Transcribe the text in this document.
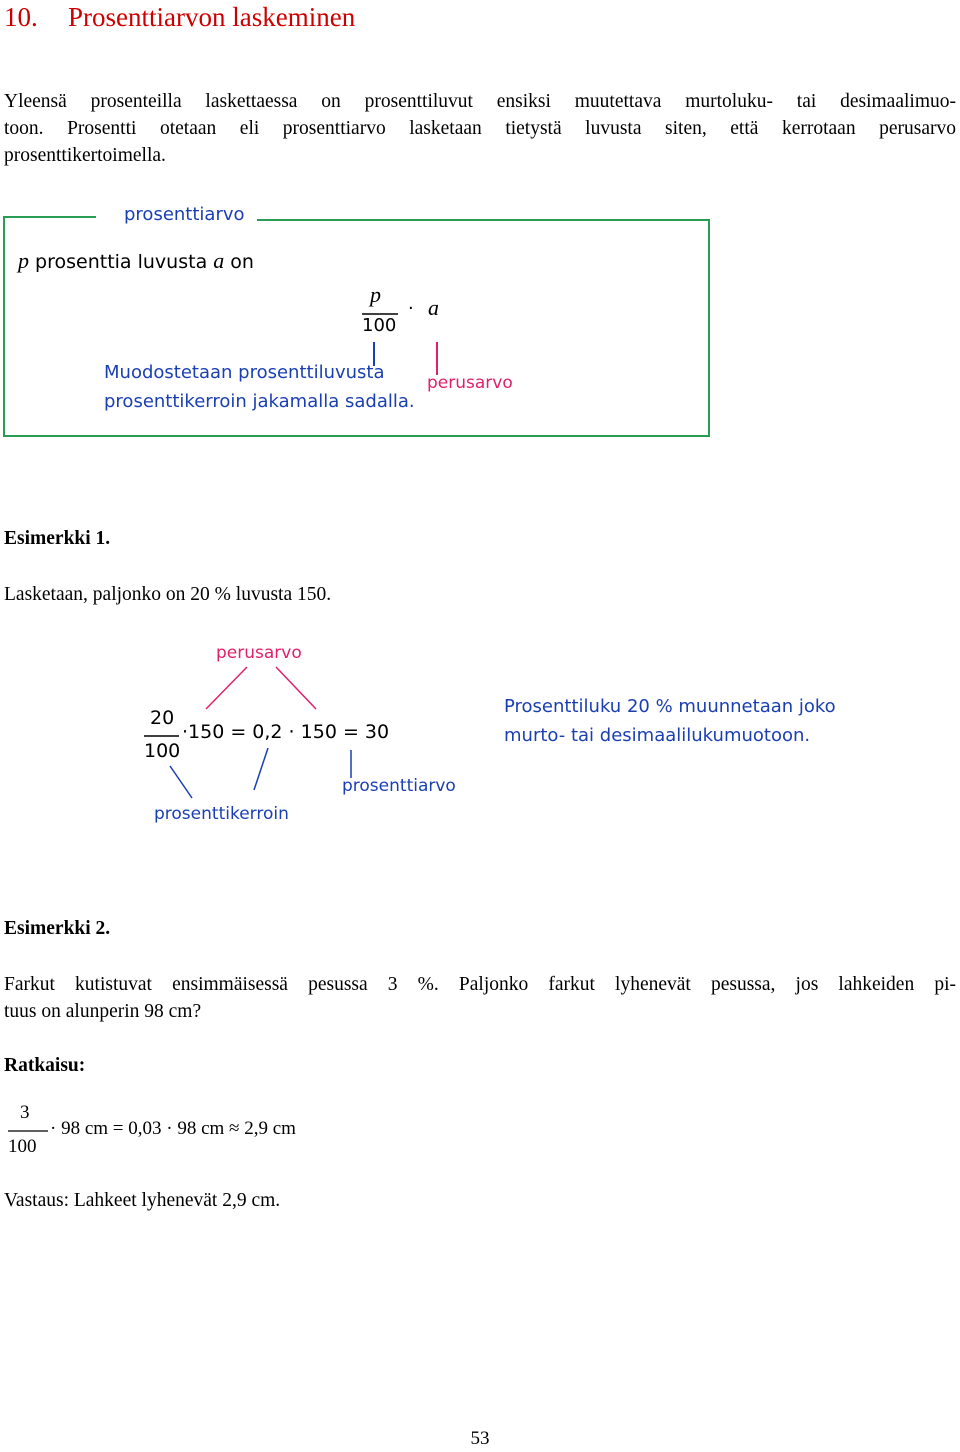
10. Prosenttiarvon laskeminen
Yleensä prosenteilla laskettaessa on prosenttiluvut ensiksi muutettava murtoluku- tai desimaalimuo-
toon. Prosentti otetaan eli prosenttiarvo lasketaan tietystä luvusta siten, että kerrotaan perusarvo
prosenttikertoimella.
prosenttiarvo
p prosenttia luvusta a on
p
100
· a
Muodostetaan prosenttiluvusta
prosenttikerroin jakamalla sadalla.
perusarvo
Esimerkki 1.
Lasketaan, paljonko on 20 % luvusta 150.
perusarvo
20
100
·150 = 0,2 · 150 = 30
prosenttiarvo
prosenttikerroin
Prosenttiluku 20 % muunnetaan joko
murto- tai desimaalilukumuotoon.
Esimerkki 2.
Farkut kutistuvat ensimmäisessä pesussa 3 %. Paljonko farkut lyhenevät pesussa, jos lahkeiden pi-
tuus on alunperin 98 cm?
Ratkaisu:
3
100
· 98 cm = 0,03 · 98 cm ≈ 2,9 cm
Vastaus: Lahkeet lyhenevät 2,9 cm.
53
